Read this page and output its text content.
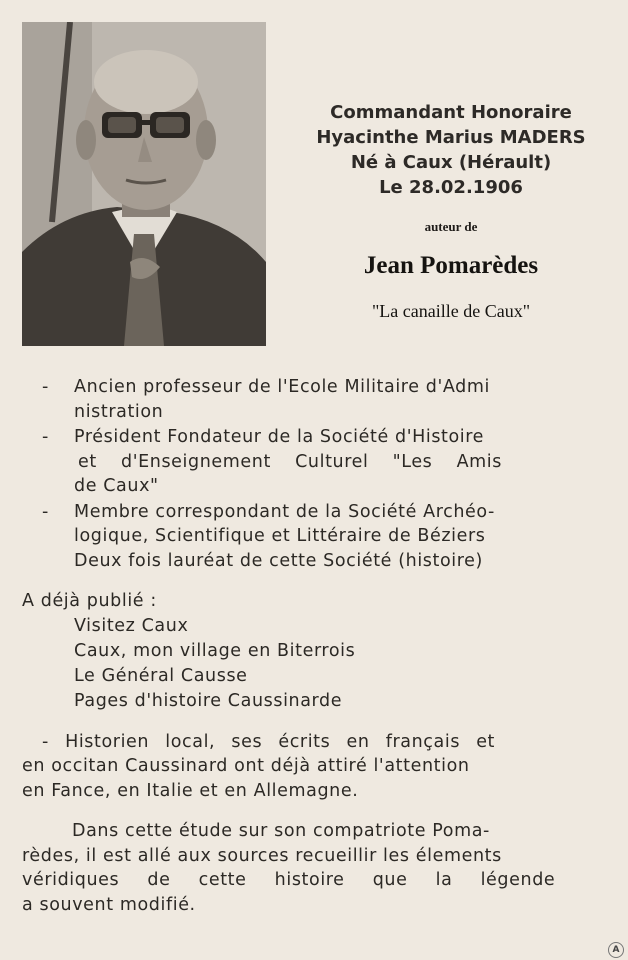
Commandant Honoraire
Hyacinthe Marius MADERS
Né à Caux (Hérault)
Le 28.02.1906
auteur de
Jean Pomarèdes
"La canaille de Caux"
- Ancien professeur de l'Ecole Militaire d'Admi
nistration
- Président Fondateur de la Société d'Histoire
et d'Enseignement Culturel "Les Amis
de Caux"
- Membre correspondant de la Société Archéo-
logique, Scientifique et Littéraire de Béziers
Deux fois lauréat de cette Société (histoire)
A déjà publié :
Visitez Caux
Caux, mon village en Biterrois
Le Général Causse
Pages d'histoire Caussinarde
- Historien local, ses écrits en français et
en occitan Caussinard ont déjà attiré l'attention
en Fance, en Italie et en Allemagne.
Dans cette étude sur son compatriote Poma-
rèdes, il est allé aux sources recueillir les élements
véridiques de cette histoire que la légende
a souvent modifié.
A
